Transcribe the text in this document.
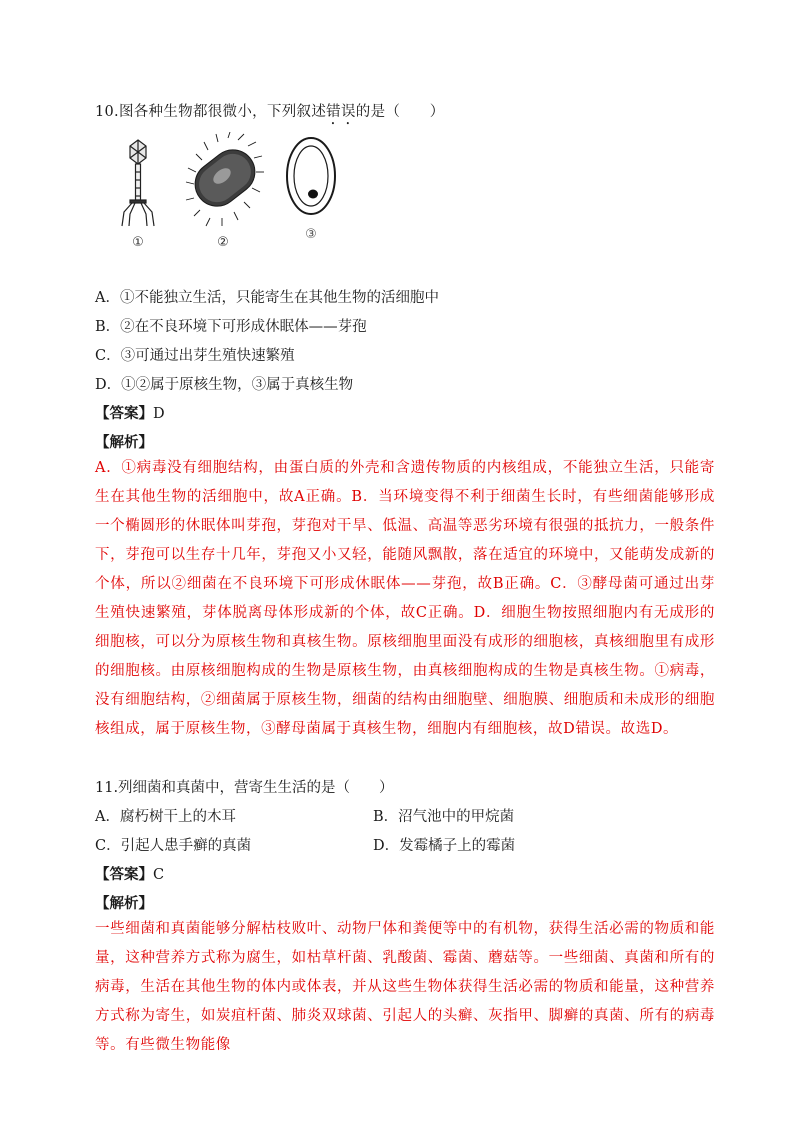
10.图各种生物都很微小，下列叙述错误的是（　　）
①	②
③
A．①不能独立生活，只能寄生在其他生物的活细胞中
B．②在不良环境下可形成休眠体——芽孢
C．③可通过出芽生殖快速繁殖
D．①②属于原核生物，③属于真核生物
【答案】D
【解析】
A．①病毒没有细胞结构，由蛋白质的外壳和含遗传物质的内核组成，不能独立生活，只能寄生在其他生物的活细胞中，故A正确。B．当环境变得不利于细菌生长时，有些细菌能够形成一个椭圆形的休眠体叫芽孢，芽孢对干旱、低温、高温等恶劣环境有很强的抵抗力，一般条件下，芽孢可以生存十几年，芽孢又小又轻，能随风飘散，落在适宜的环境中，又能萌发成新的个体，所以②细菌在不良环境下可形成休眠体——芽孢，故B正确。C．③酵母菌可通过出芽生殖快速繁殖，芽体脱离母体形成新的个体，故C正确。D．细胞生物按照细胞内有无成形的细胞核，可以分为原核生物和真核生物。原核细胞里面没有成形的细胞核，真核细胞里有成形的细胞核。由原核细胞构成的生物是原核生物，由真核细胞构成的生物是真核生物。①病毒，没有细胞结构，②细菌属于原核生物，细菌的结构由细胞壁、细胞膜、细胞质和未成形的细胞核组成，属于原核生物，③酵母菌属于真核生物，细胞内有细胞核，故D错误。故选D。
11.列细菌和真菌中，营寄生生活的是（　　）
A．腐朽树干上的木耳	B．沼气池中的甲烷菌
C．引起人患手癣的真菌	D．发霉橘子上的霉菌
【答案】C
【解析】
一些细菌和真菌能够分解枯枝败叶、动物尸体和粪便等中的有机物，获得生活必需的物质和能量，这种营养方式称为腐生，如枯草杆菌、乳酸菌、霉菌、蘑菇等。一些细菌、真菌和所有的病毒，生活在其他生物的体内或体表，并从这些生物体获得生活必需的物质和能量，这种营养方式称为寄生，如炭疽杆菌、肺炎双球菌、引起人的头癣、灰指甲、脚癣的真菌、所有的病毒等。有些微生物能像
